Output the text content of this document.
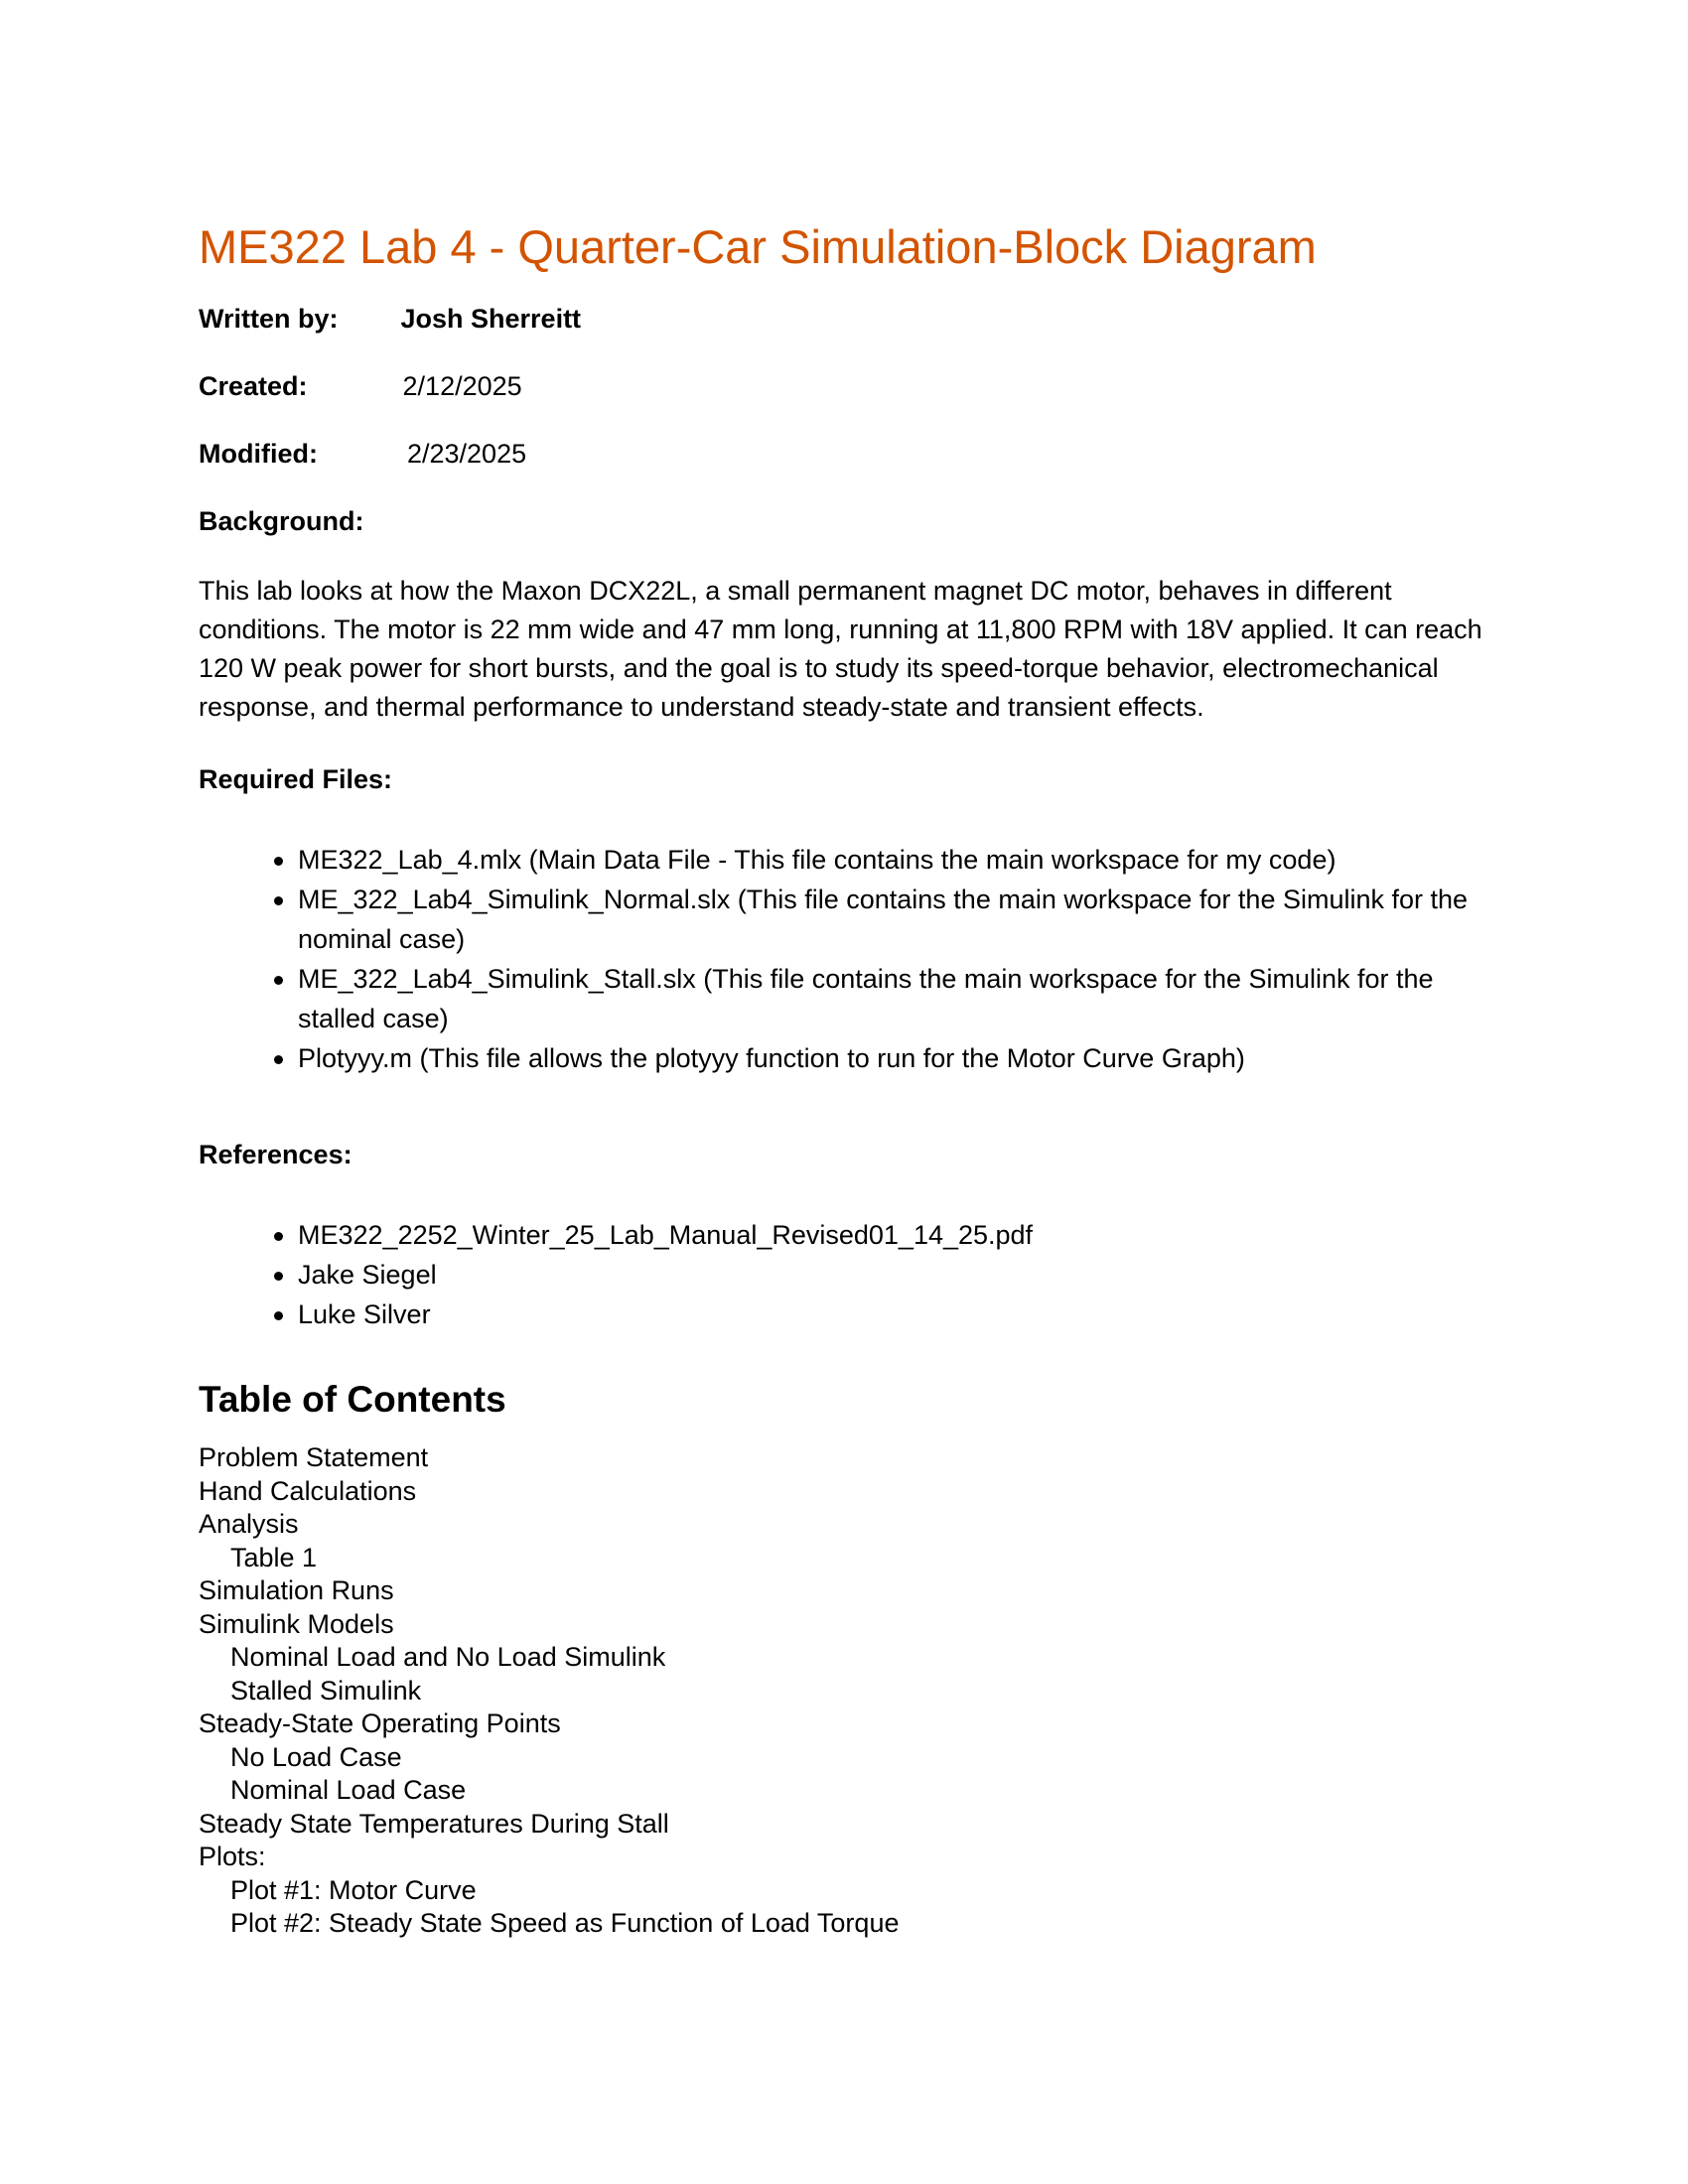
ME322 Lab 4 - Quarter-Car Simulation-Block Diagram
Written by: Josh Sherreitt
Created:	2/12/2025
Modified:	2/23/2025
Background:

This lab looks at how the Maxon DCX22L, a small permanent magnet DC motor, behaves in different conditions. The motor is 22 mm wide and 47 mm long, running at 11,800 RPM with 18V applied. It can reach 120 W peak power for short bursts, and the goal is to study its speed-torque behavior, electromechanical response, and thermal performance to understand steady-state and transient effects.

Required Files:
ME322_Lab_4.mlx (Main Data File - This file contains the main workspace for my code)
ME_322_Lab4_Simulink_Normal.slx (This file contains the main workspace for the Simulink for the nominal case)
ME_322_Lab4_Simulink_Stall.slx (This file contains the main workspace for the Simulink for the stalled case)
Plotyyy.m (This file allows the plotyyy function to run for the Motor Curve Graph)
References:
ME322_2252_Winter_25_Lab_Manual_Revised01_14_25.pdf
Jake Siegel
Luke Silver
Table of Contents
Problem Statement
Hand Calculations
Analysis
Table 1
Simulation Runs
Simulink Models
Nominal Load and No Load Simulink
Stalled Simulink
Steady-State Operating Points
No Load Case
Nominal Load Case
Steady State Temperatures During Stall
Plots:
Plot #1: Motor Curve
Plot #2: Steady State Speed as Function of Load Torque
